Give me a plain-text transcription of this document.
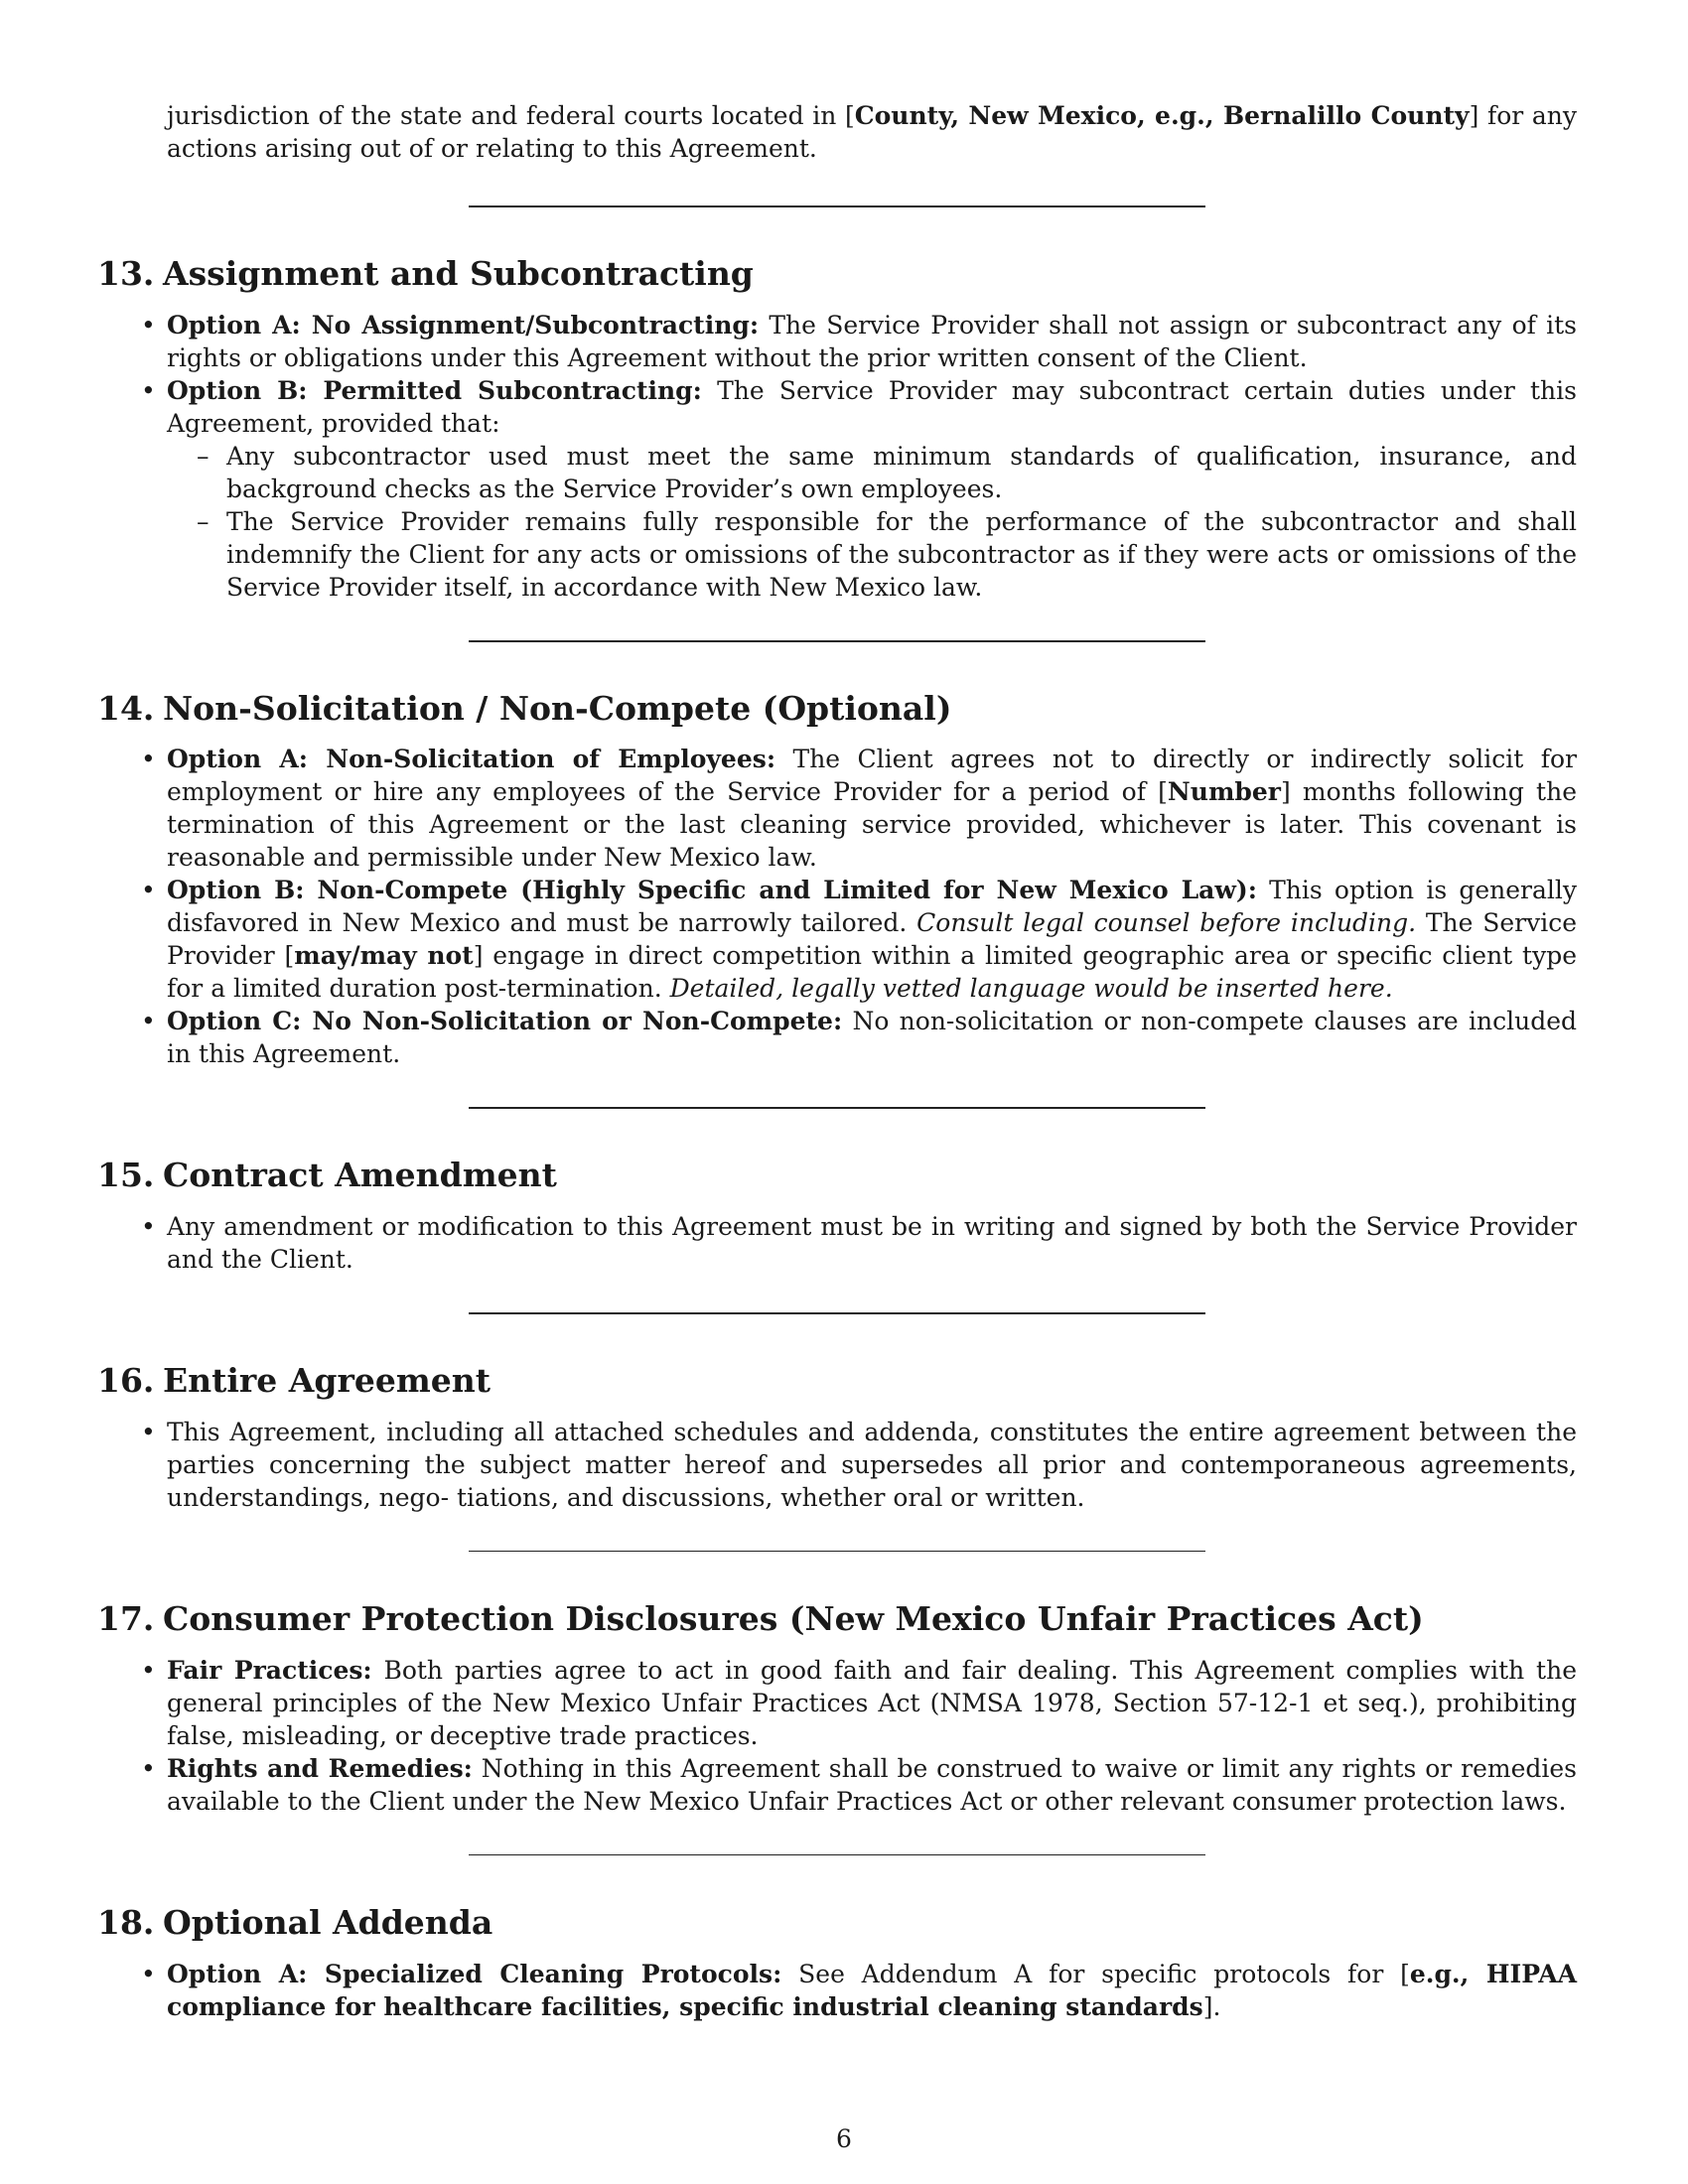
jurisdiction of the state and federal courts located in [County, New Mexico, e.g., Bernalillo County] for any actions arising out of or relating to this Agreement.
13. Assignment and Subcontracting
• Option A: No Assignment/Subcontracting: The Service Provider shall not assign or subcontract any of its rights or obligations under this Agreement without the prior written consent of the Client.
• Option B: Permitted Subcontracting: The Service Provider may subcontract certain duties under this Agreement, provided that:
– Any subcontractor used must meet the same minimum standards of qualification, insurance, and background checks as the Service Provider’s own employees.
– The Service Provider remains fully responsible for the performance of the subcontractor and shall indemnify the Client for any acts or omissions of the subcontractor as if they were acts or omissions of the Service Provider itself, in accordance with New Mexico law.
14. Non-Solicitation / Non-Compete (Optional)
• Option A: Non-Solicitation of Employees: The Client agrees not to directly or indirectly solicit for employment or hire any employees of the Service Provider for a period of [Number] months following the termination of this Agreement or the last cleaning service provided, whichever is later. This covenant is reasonable and permissible under New Mexico law.
• Option B: Non-Compete (Highly Specific and Limited for New Mexico Law): This option is generally disfavored in New Mexico and must be narrowly tailored. Consult legal counsel before including. The Service Provider [may/may not] engage in direct competition within a limited geographic area or specific client type for a limited duration post-termination. Detailed, legally vetted language would be inserted here.
• Option C: No Non-Solicitation or Non-Compete: No non-solicitation or non-compete clauses are included in this Agreement.
15. Contract Amendment
• Any amendment or modification to this Agreement must be in writing and signed by both the Service Provider and the Client.
16. Entire Agreement
• This Agreement, including all attached schedules and addenda, constitutes the entire agreement between the parties concerning the subject matter hereof and supersedes all prior and contemporaneous agreements, understandings, nego- tiations, and discussions, whether oral or written.
17. Consumer Protection Disclosures (New Mexico Unfair Practices Act)
• Fair Practices: Both parties agree to act in good faith and fair dealing. This Agreement complies with the general principles of the New Mexico Unfair Practices Act (NMSA 1978, Section 57-12-1 et seq.), prohibiting false, misleading, or deceptive trade practices.
• Rights and Remedies: Nothing in this Agreement shall be construed to waive or limit any rights or remedies available to the Client under the New Mexico Unfair Practices Act or other relevant consumer protection laws.
18. Optional Addenda
• Option A: Specialized Cleaning Protocols: See Addendum A for specific protocols for [e.g., HIPAA compliance for healthcare facilities, specific industrial cleaning standards].
6
